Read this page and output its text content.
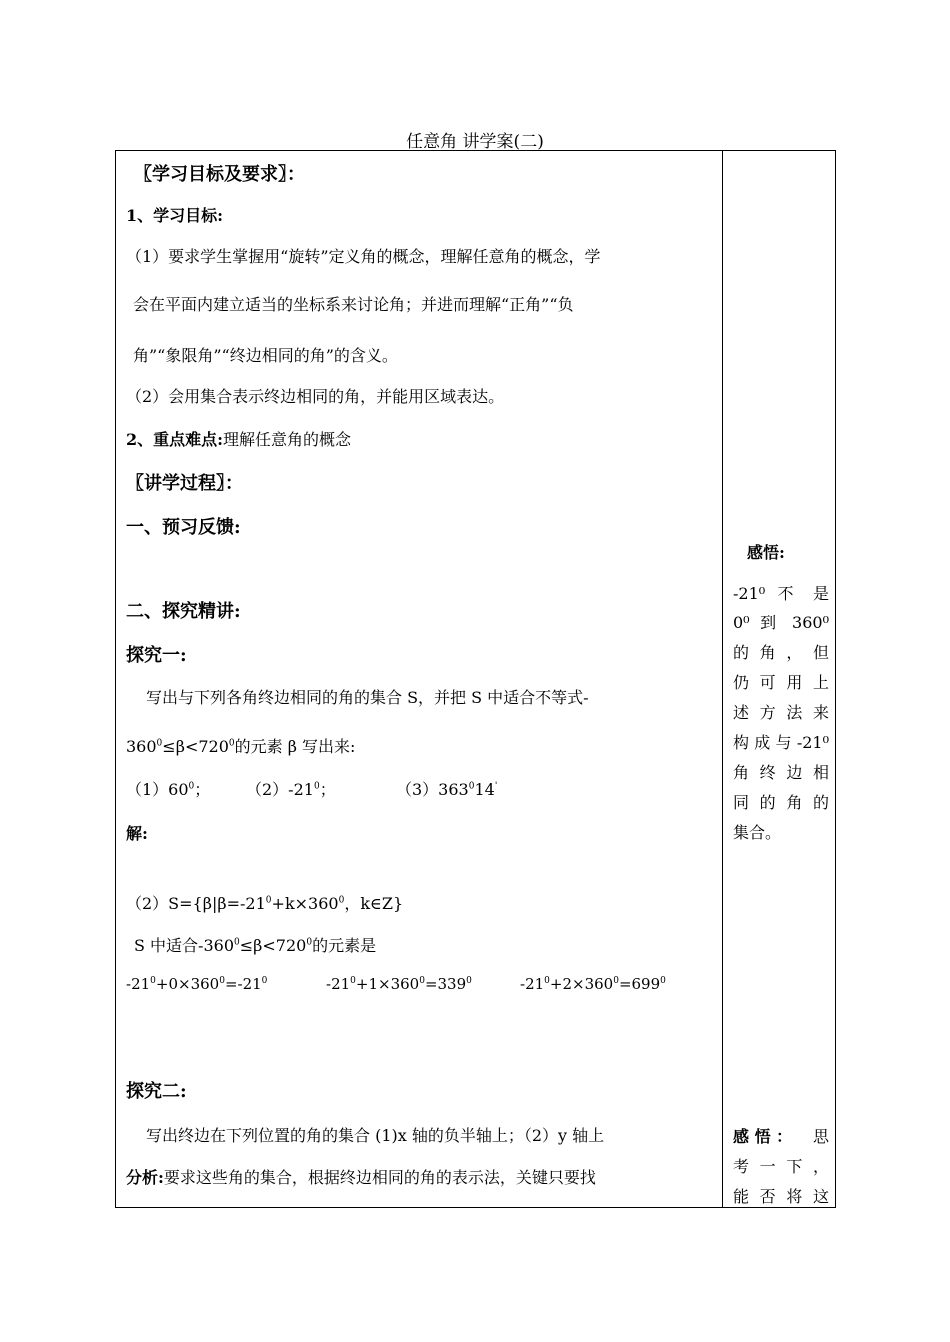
任意角 讲学案(二)
〖学习目标及要求〗：
1、学习目标:
（1）要求学生掌握用“旋转”定义角的概念，理解任意角的概念，学
会在平面内建立适当的坐标系来讨论角；并进而理解“正角”“负
角”“象限角”“终边相同的角”的含义。
（2）会用集合表示终边相同的角，并能用区域表达。
2、重点难点:理解任意角的概念
〖讲学过程〗：
一、预习反馈:
二、探究精讲:
探究一:
写出与下列各角终边相同的角的集合 S，并把 S 中适合不等式-
$360^0\le\beta<720^0$的元素 β 写出来:
$(1)60^0$； $(2)-21^0$；	$(3)363^014'$
解:
$(2)S=\{\beta|\beta=-21^0+k\times 360^0$，k∈Z}
S 中适合$-360^0\le\beta<720^0$的元素是
$-21^0+0\times 360^0=-21^0$	$-21^0+1\times 360^0=339^0$	$-21^0+2\times 360^0=699^0$
探究二:
写出终边在下列位置的角的集合 (1)x 轴的负半轴上；（2）y 轴上
分析:要求这些角的集合，根据终边相同的角的表示法，关键只要找
感悟:
-21⁰ 不 是
0⁰ 到 360⁰
的 角 ， 但
仍 可 用 上
述 方 法 来
构成与-21⁰
角 终 边 相
同 的 角 的
集合。
感 悟 ： 思
考 一 下 ，
能 否 将 这
